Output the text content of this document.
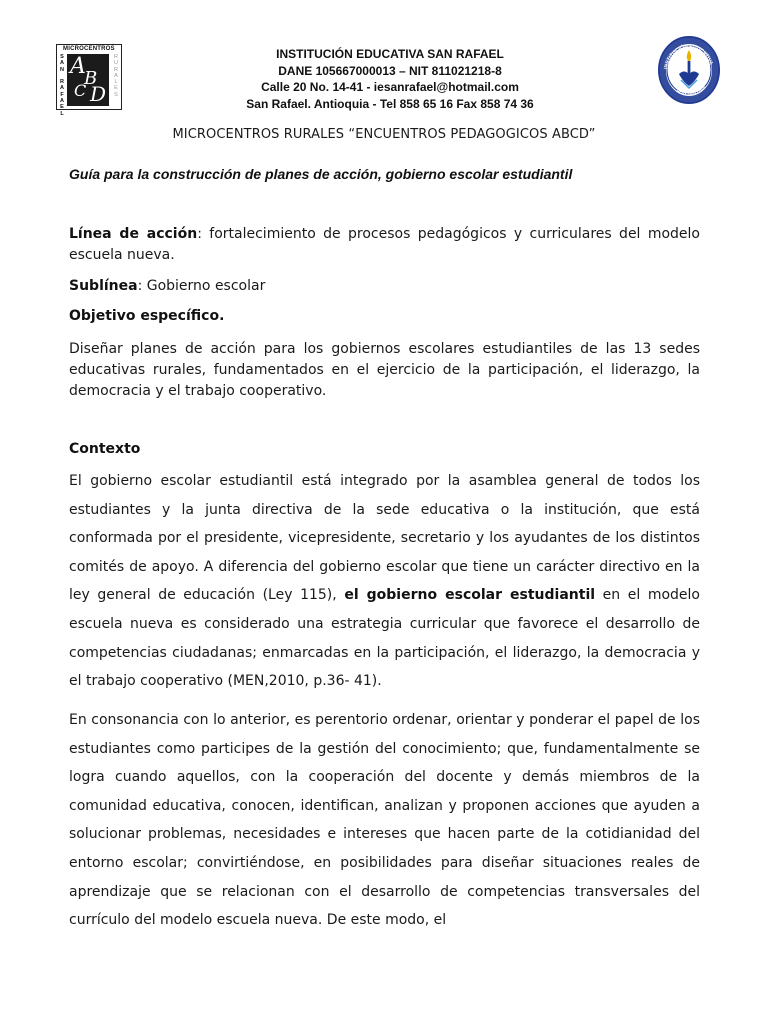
MICROCENTROS
S
A
N

R
A
F
A
E
L
R
U
R
A
L
E
S
A
B
C D
INSTITUCIÓN EDUCATIVA
SAN RAFAEL
INSTITUCIÓN EDUCATIVA SAN RAFAEL
DANE 105667000013 – NIT 811021218-8
Calle 20 No. 14-41 - iesanrafael@hotmail.com
San Rafael. Antioquia - Tel 858 65 16 Fax 858 74 36
MICROCENTROS RURALES “ENCUENTROS PEDAGOGICOS ABCD”
Guía para la construcción de planes de acción, gobierno escolar estudiantil

Línea de acción: fortalecimiento de procesos pedagógicos y curriculares del modelo escuela nueva.

Sublínea: Gobierno escolar

Objetivo específico.

Diseñar planes de acción para los gobiernos escolares estudiantiles de las 13 sedes educativas rurales, fundamentados en el ejercicio de la participación, el liderazgo, la democracia y el trabajo cooperativo.

Contexto

El gobierno escolar estudiantil está integrado por la asamblea general de todos los estudiantes y la junta directiva de la sede educativa o la institución, que está conformada por el presidente, vicepresidente, secretario y los ayudantes de los distintos comités de apoyo. A diferencia del gobierno escolar que tiene un carácter directivo en la ley general de educación (Ley 115), el gobierno escolar estudiantil en el modelo escuela nueva es considerado una estrategia curricular que favorece el desarrollo de competencias ciudadanas; enmarcadas en la participación, el liderazgo, la democracia y el trabajo cooperativo (MEN,2010, p.36- 41).

En consonancia con lo anterior, es perentorio ordenar, orientar y ponderar el papel de los estudiantes como participes de la gestión del conocimiento; que, fundamentalmente se logra cuando aquellos, con la cooperación del docente y demás miembros de la comunidad educativa, conocen, identifican, analizan y proponen acciones que ayuden a solucionar problemas, necesidades e intereses que hacen parte de la cotidianidad del entorno escolar; convirtiéndose, en posibilidades para diseñar situaciones reales de aprendizaje que se relacionan con el desarrollo de competencias transversales del currículo del modelo escuela nueva. De este modo, el
